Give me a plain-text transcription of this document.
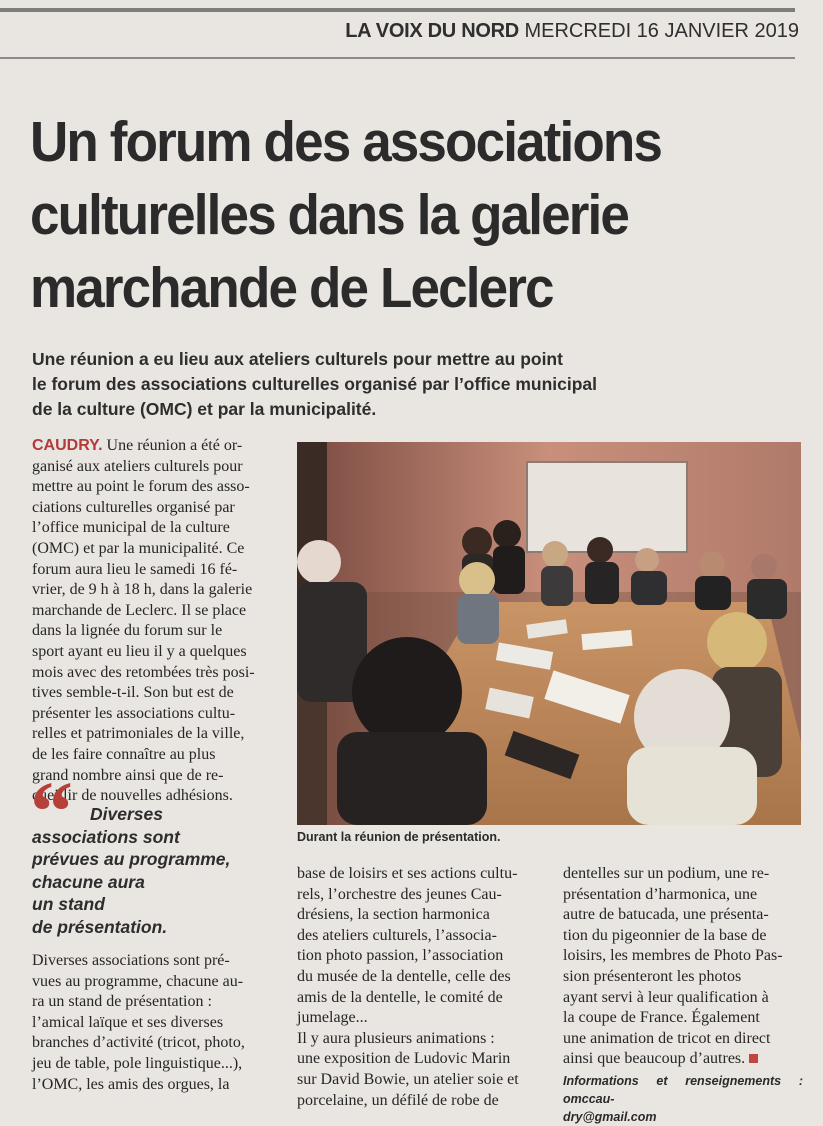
LA VOIX DU NORD MERCREDI 16 JANVIER 2019
Un forum des associations
culturelles dans la galerie
marchande de Leclerc
Une réunion a eu lieu aux ateliers culturels pour mettre au point
le forum des associations culturelles organisé par l’office municipal
de la culture (OMC) et par la municipalité.
CAUDRY. Une réunion a été or-
ganisé aux ateliers culturels pour
mettre au point le forum des asso-
ciations culturelles organisé par
l’office municipal de la culture
(OMC) et par la municipalité. Ce
forum aura lieu le samedi 16 fé-
vrier, de 9 h à 18 h, dans la galerie
marchande de Leclerc. Il se place
dans la lignée du forum sur le
sport ayant eu lieu il y a quelques
mois avec des retombées très posi-
tives semble-t-il. Son but est de
présenter les associations cultu-
relles et patrimoniales de la ville,
de les faire connaître au plus
grand nombre ainsi que de re-
cueillir de nouvelles adhésions.
Durant la réunion de présentation.
“ Diverses
associations sont
prévues au programme,
chacune aura
un stand
de présentation.
Diverses associations sont pré-
vues au programme, chacune au-
ra un stand de présentation :
l’amical laïque et ses diverses
branches d’activité (tricot, photo,
jeu de table, pole linguistique...),
l’OMC, les amis des orgues, la
base de loisirs et ses actions cultu-
rels, l’orchestre des jeunes Cau-
drésiens, la section harmonica
des ateliers culturels, l’associa-
tion photo passion, l’association
du musée de la dentelle, celle des
amis de la dentelle, le comité de
jumelage...
Il y aura plusieurs animations :
une exposition de Ludovic Marin
sur David Bowie, un atelier soie et
porcelaine, un défilé de robe de
dentelles sur un podium, une re-
présentation d’harmonica, une
autre de batucada, une présenta-
tion du pigeonnier de la base de
loisirs, les membres de Photo Pas-
sion présenteront les photos
ayant servi à leur qualification à
la coupe de France. Également
une animation de tricot en direct
ainsi que beaucoup d’autres.
Informations et renseignements : omccau-
dry@gmail.com
